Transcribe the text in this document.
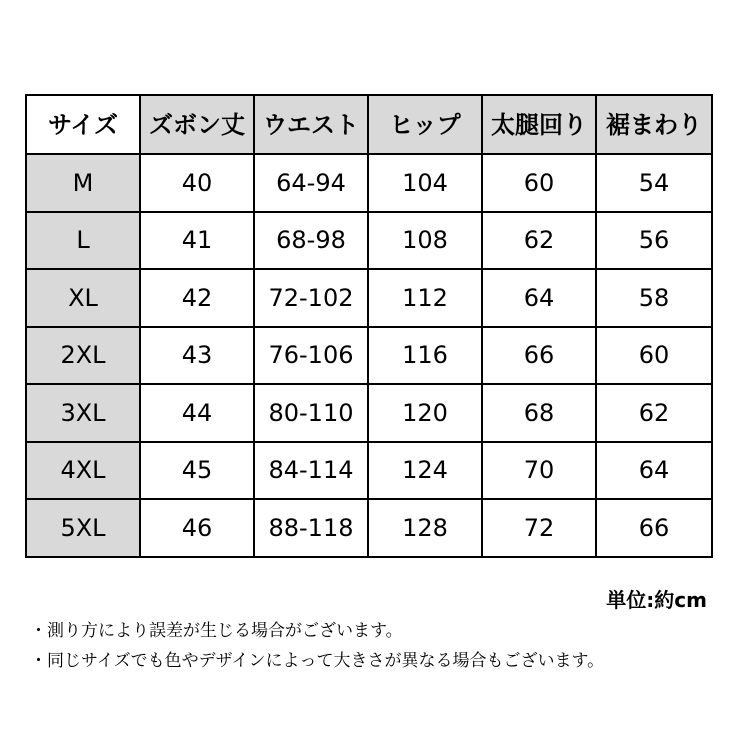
サイズ	ズボン丈	ウエスト	ヒップ	太腿回り	裾まわり
M	40	64-94	104	60	54
L	41	68-98	108	62	56
XL	42	72-102	112	64	58
2XL	43	76-106	116	66	60
3XL	44	80-110	120	68	62
4XL	45	84-114	124	70	64
5XL	46	88-118	128	72	66
単位:約cm
・測り方により誤差が生じる場合がございます。
・同じサイズでも色やデザインによって大きさが異なる場合もございます。
